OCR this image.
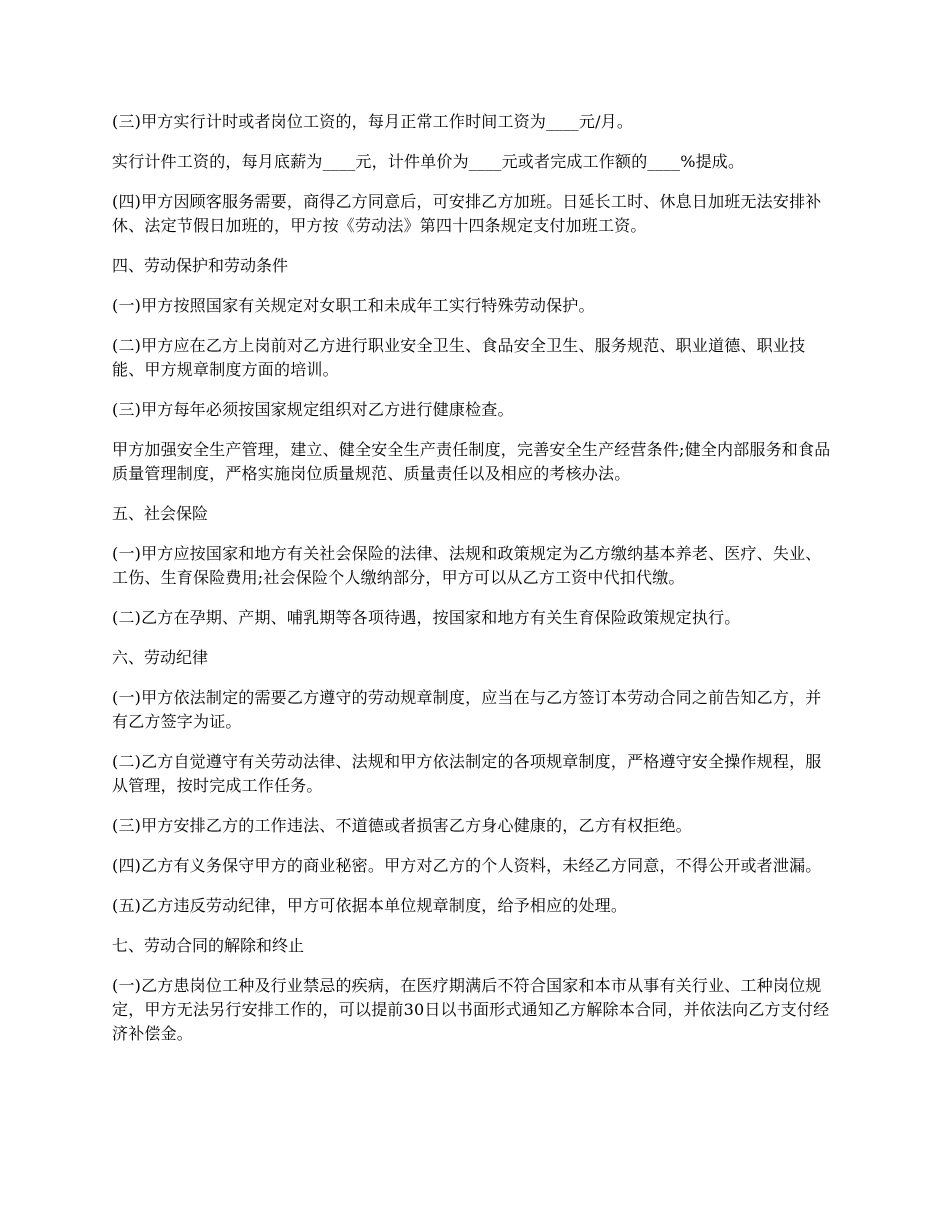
(三)甲方实行计时或者岗位工资的，每月正常工作时间工资为____元/月。

实行计件工资的，每月底薪为____元，计件单价为____元或者完成工作额的____%提成。

(四)甲方因顾客服务需要，商得乙方同意后，可安排乙方加班。日延长工时、休息日加班无法安排补休、法定节假日加班的，甲方按《劳动法》第四十四条规定支付加班工资。

四、劳动保护和劳动条件

(一)甲方按照国家有关规定对女职工和未成年工实行特殊劳动保护。

(二)甲方应在乙方上岗前对乙方进行职业安全卫生、食品安全卫生、服务规范、职业道德、职业技能、甲方规章制度方面的培训。

(三)甲方每年必须按国家规定组织对乙方进行健康检查。

甲方加强安全生产管理，建立、健全安全生产责任制度，完善安全生产经营条件;健全内部服务和食品质量管理制度，严格实施岗位质量规范、质量责任以及相应的考核办法。

五、社会保险

(一)甲方应按国家和地方有关社会保险的法律、法规和政策规定为乙方缴纳基本养老、医疗、失业、工伤、生育保险费用;社会保险个人缴纳部分，甲方可以从乙方工资中代扣代缴。

(二)乙方在孕期、产期、哺乳期等各项待遇，按国家和地方有关生育保险政策规定执行。

六、劳动纪律

(一)甲方依法制定的需要乙方遵守的劳动规章制度，应当在与乙方签订本劳动合同之前告知乙方，并有乙方签字为证。

(二)乙方自觉遵守有关劳动法律、法规和甲方依法制定的各项规章制度，严格遵守安全操作规程，服从管理，按时完成工作任务。

(三)甲方安排乙方的工作违法、不道德或者损害乙方身心健康的，乙方有权拒绝。

(四)乙方有义务保守甲方的商业秘密。甲方对乙方的个人资料，未经乙方同意，不得公开或者泄漏。

(五)乙方违反劳动纪律，甲方可依据本单位规章制度，给予相应的处理。

七、劳动合同的解除和终止

(一)乙方患岗位工种及行业禁忌的疾病，在医疗期满后不符合国家和本市从事有关行业、工种岗位规定，甲方无法另行安排工作的，可以提前30日以书面形式通知乙方解除本合同，并依法向乙方支付经济补偿金。
